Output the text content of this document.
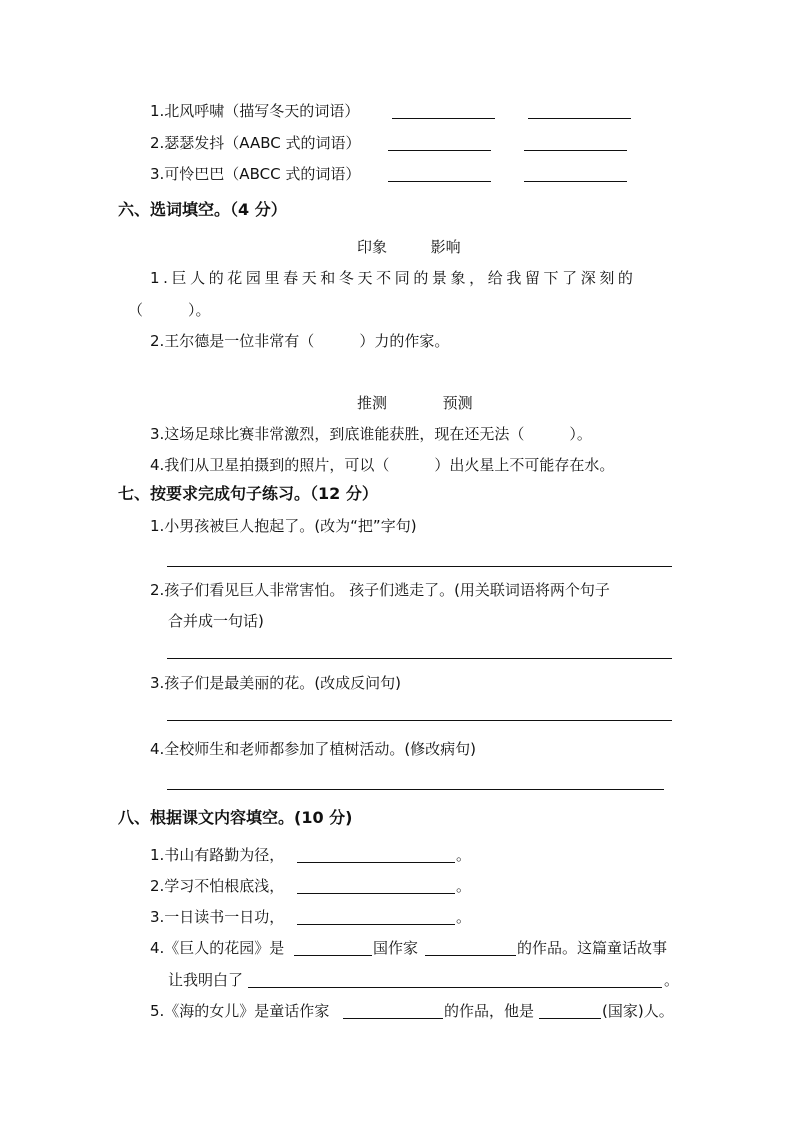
1.北风呼啸（描写冬天的词语）
2.瑟瑟发抖（AABC 式的词语）
3.可怜巴巴（ABCC 式的词语）
六、选词填空。（4 分）
印象	影响
1.巨人的花园里春天和冬天不同的景象，给我留下了深刻的
（　　　）。
2.王尔德是一位非常有（　　　）力的作家。
推测	预测
3.这场足球比赛非常激烈，到底谁能获胜，现在还无法（　　　）。
4.我们从卫星拍摄到的照片，可以（　　　）出火星上不可能存在水。
七、按要求完成句子练习。（12 分）
1.小男孩被巨人抱起了。(改为“把”字句)
2.孩子们看见巨人非常害怕。 孩子们逃走了。(用关联词语将两个句子
合并成一句话)
3.孩子们是最美丽的花。(改成反问句)
4.全校师生和老师都参加了植树活动。(修改病句)
八、根据课文内容填空。(10 分)
1.书山有路勤为径，	。
2.学习不怕根底浅，	。
3.一日读书一日功，	。
4.《巨人的花园》是	国作家	的作品。这篇童话故事
让我明白了	。
5.《海的女儿》是童话作家	的作品，他是	(国家)人。
